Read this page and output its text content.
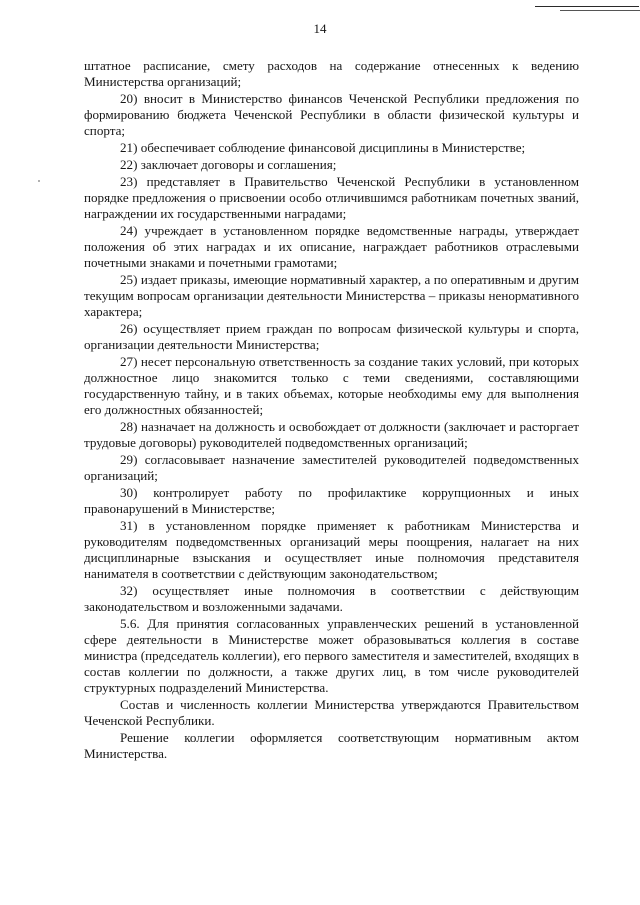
14

штатное расписание, смету расходов на содержание отнесенных к ведению Министерства организаций;

20) вносит в Министерство финансов Чеченской Республики предложения по формированию бюджета Чеченской Республики в области физической культуры и спорта;

21) обеспечивает соблюдение финансовой дисциплины в Министерстве;

22) заключает договоры и соглашения;

23) представляет в Правительство Чеченской Республики в установленном порядке предложения о присвоении особо отличившимся работникам почетных званий, награждении их государственными наградами;

24) учреждает в установленном порядке ведомственные награды, утверждает положения об этих наградах и их описание, награждает работников отраслевыми почетными знаками и почетными грамотами;

25) издает приказы, имеющие нормативный характер, а по оперативным и другим текущим вопросам организации деятельности Министерства – приказы ненормативного характера;

26) осуществляет прием граждан по вопросам физической культуры и спорта, организации деятельности Министерства;

27) несет персональную ответственность за создание таких условий, при которых должностное лицо знакомится только с теми сведениями, составляющими государственную тайну, и в таких объемах, которые необходимы ему для выполнения его должностных обязанностей;

28) назначает на должность и освобождает от должности (заключает и расторгает трудовые договоры) руководителей подведомственных организаций;

29) согласовывает назначение заместителей руководителей подведомственных организаций;

30) контролирует работу по профилактике коррупционных и иных правонарушений в Министерстве;

31) в установленном порядке применяет к работникам Министерства и руководителям подведомственных организаций меры поощрения, налагает на них дисциплинарные взыскания и осуществляет иные полномочия представителя нанимателя в соответствии с действующим законодательством;

32) осуществляет иные полномочия в соответствии с действующим законодательством и возложенными задачами.

5.6. Для принятия согласованных управленческих решений в установленной сфере деятельности в Министерстве может образовываться коллегия в составе министра (председатель коллегии), его первого заместителя и заместителей, входящих в состав коллегии по должности, а также других лиц, в том числе руководителей структурных подразделений Министерства.

Состав и численность коллегии Министерства утверждаются Правительством Чеченской Республики.

Решение коллегии оформляется соответствующим нормативным актом Министерства.
